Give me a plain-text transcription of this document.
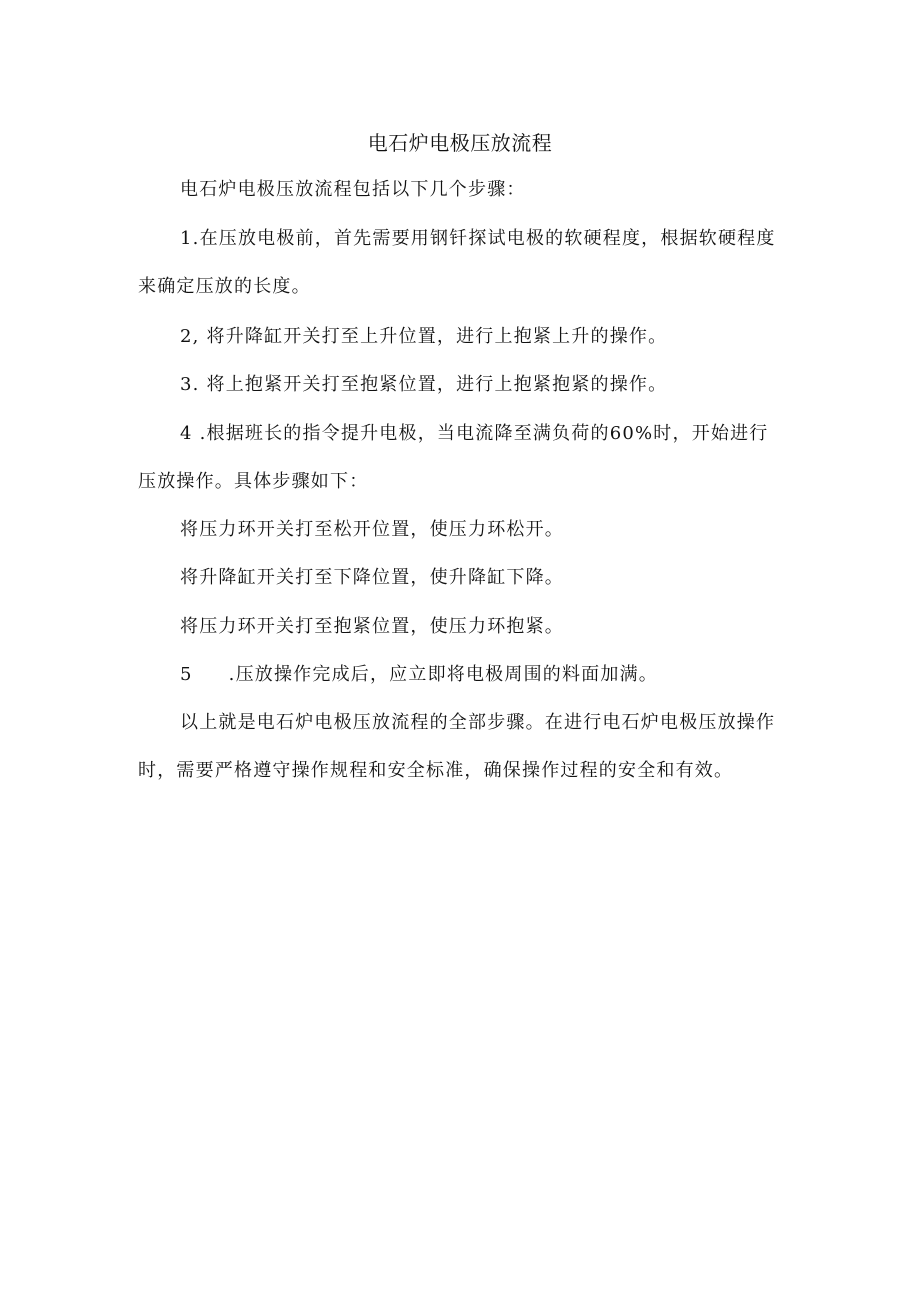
电石炉电极压放流程

电石炉电极压放流程包括以下几个步骤：

1.在压放电极前，首先需要用钢钎探试电极的软硬程度，根据软硬程度来确定压放的长度。

2, 将升降缸开关打至上升位置，进行上抱紧上升的操作。

3. 将上抱紧开关打至抱紧位置，进行上抱紧抱紧的操作。

4 .根据班长的指令提升电极，当电流降至满负荷的60%时，开始进行压放操作。具体步骤如下：

将压力环开关打至松开位置，使压力环松开。

将升降缸开关打至下降位置，使升降缸下降。

将压力环开关打至抱紧位置，使压力环抱紧。

5 .压放操作完成后，应立即将电极周围的料面加满。

以上就是电石炉电极压放流程的全部步骤。在进行电石炉电极压放操作时，需要严格遵守操作规程和安全标准，确保操作过程的安全和有效。
